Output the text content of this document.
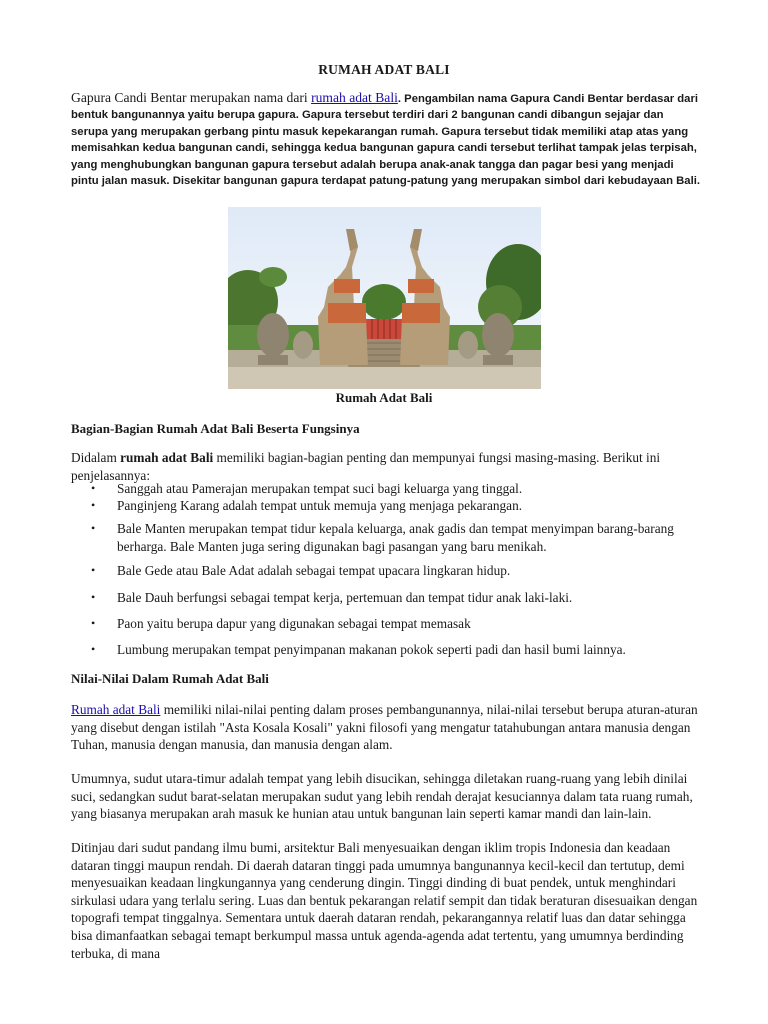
RUMAH ADAT BALI
Gapura Candi Bentar merupakan nama dari rumah adat Bali. Pengambilan nama Gapura Candi Bentar berdasar dari bentuk bangunannya yaitu berupa gapura. Gapura tersebut terdiri dari 2 bangunan candi dibangun sejajar dan serupa yang merupakan gerbang pintu masuk kepekarangan rumah. Gapura tersebut tidak memiliki atap atas yang memisahkan kedua bangunan candi, sehingga kedua bangunan gapura candi tersebut terlihat tampak jelas terpisah, yang menghubungkan bangunan gapura tersebut adalah berupa anak-anak tangga dan pagar besi yang menjadi pintu jalan masuk. Disekitar bangunan gapura terdapat patung-patung yang merupakan simbol dari kebudayaan Bali.
Rumah Adat Bali
Bagian-Bagian Rumah Adat Bali Beserta Fungsinya
Didalam rumah adat Bali memiliki bagian-bagian penting dan mempunyai fungsi masing-masing. Berikut ini penjelasannya:
• Sanggah atau Pamerajan merupakan tempat suci bagi keluarga yang tinggal.
• Panginjeng Karang adalah tempat untuk memuja yang menjaga pekarangan.
• Bale Manten merupakan tempat tidur kepala keluarga, anak gadis dan tempat menyimpan barang-barang berharga. Bale Manten juga sering digunakan bagi pasangan yang baru menikah.
• Bale Gede atau Bale Adat adalah sebagai tempat upacara lingkaran hidup.
• Bale Dauh berfungsi sebagai tempat kerja, pertemuan dan tempat tidur anak laki-laki.
• Paon yaitu berupa dapur yang digunakan sebagai tempat memasak
• Lumbung merupakan tempat penyimpanan makanan pokok seperti padi dan hasil bumi lainnya.
Nilai-Nilai Dalam Rumah Adat Bali
Rumah adat Bali memiliki nilai-nilai penting dalam proses pembangunannya, nilai-nilai tersebut berupa aturan-aturan yang disebut dengan istilah "Asta Kosala Kosali" yakni filosofi yang mengatur tatahubungan antara manusia dengan Tuhan, manusia dengan manusia, dan manusia dengan alam.
Umumnya, sudut utara-timur adalah tempat yang lebih disucikan, sehingga diletakan ruang-ruang yang lebih dinilai suci, sedangkan sudut barat-selatan merupakan sudut yang lebih rendah derajat kesuciannya dalam tata ruang rumah, yang biasanya merupakan arah masuk ke hunian atau untuk bangunan lain seperti kamar mandi dan lain-lain.
Ditinjau dari sudut pandang ilmu bumi, arsitektur Bali menyesuaikan dengan iklim tropis Indonesia dan keadaan dataran tinggi maupun rendah. Di daerah dataran tinggi pada umumnya bangunannya kecil-kecil dan tertutup, demi menyesuaikan keadaan lingkungannya yang cenderung dingin. Tinggi dinding di buat pendek, untuk menghindari sirkulasi udara yang terlalu sering. Luas dan bentuk pekarangan relatif sempit dan tidak beraturan disesuaikan dengan topografi tempat tinggalnya. Sementara untuk daerah dataran rendah, pekarangannya relatif luas dan datar sehingga bisa dimanfaatkan sebagai temapt berkumpul massa untuk agenda-agenda adat tertentu, yang umumnya berdinding terbuka, di mana
